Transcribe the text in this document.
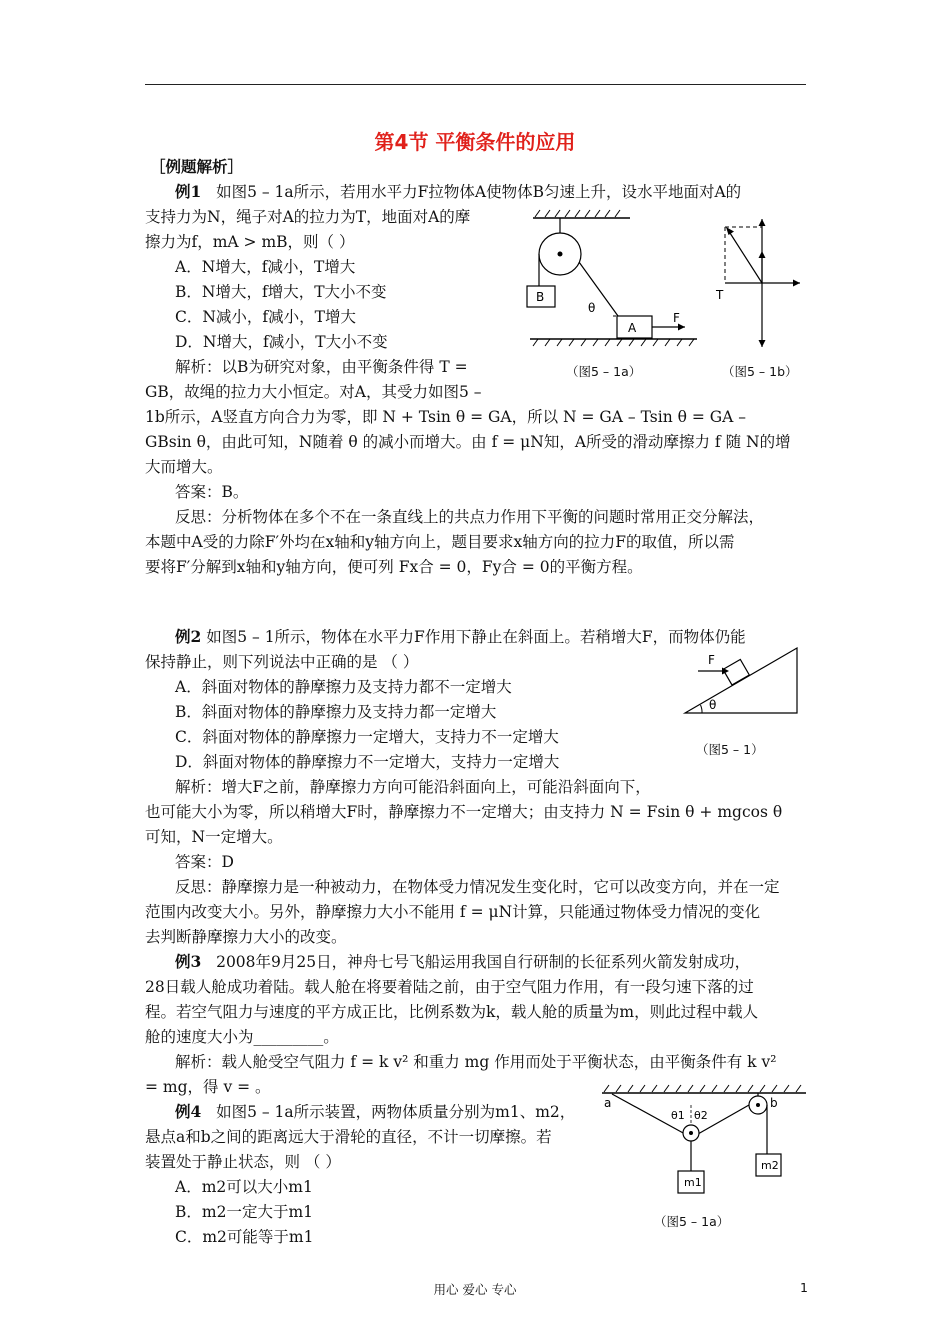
第4节 平衡条件的应用
［例题解析］
例1 如图5 – 1a所示，若用水平力F拉物体A使物体B匀速上升，设水平地面对A的
支持力为N，绳子对A的拉力为T，地面对A的摩
擦力为f，mA > mB，则（ ）
A．N增大，f减小，T增大
B．N增大，f增大，T大小不变
C．N减小，f减小，T增大
D．N增大，f减小，T大小不变
解析：以B为研究对象，由平衡条件得 T =
GB，故绳的拉力大小恒定。对A，其受力如图5 –
1b所示，A竖直方向合力为零，即 N + Tsin θ = GA，所以 N = GA – Tsin θ = GA –
GBsin θ，由此可知，N随着 θ 的减小而增大。由 f = μN知，A所受的滑动摩擦力 f 随 N的增
大而增大。
答案：B。
反思：分析物体在多个不在一条直线上的共点力作用下平衡的问题时常用正交分解法，
本题中A受的力除F′外均在x轴和y轴方向上，题目要求x轴方向的拉力F的取值，所以需
要将F′分解到x轴和y轴方向，便可列 Fx合 = 0，Fy合 = 0的平衡方程。
B
θ
A
F
（图5 – 1a）
T
（图5 – 1b）
例2 如图5 – 1所示，物体在水平力F作用下静止在斜面上。若稍增大F，而物体仍能
保持静止，则下列说法中正确的是 （ ）
A．斜面对物体的静摩擦力及支持力都不一定增大
B．斜面对物体的静摩擦力及支持力都一定增大
C．斜面对物体的静摩擦力一定增大，支持力不一定增大
D．斜面对物体的静摩擦力不一定增大，支持力一定增大
解析：增大F之前，静摩擦力方向可能沿斜面向上，可能沿斜面向下，
也可能大小为零，所以稍增大F时，静摩擦力不一定增大；由支持力 N = Fsin θ + mgcos θ
可知，N一定增大。
答案：D
反思：静摩擦力是一种被动力，在物体受力情况发生变化时，它可以改变方向，并在一定
范围内改变大小。另外，静摩擦力大小不能用 f = μN计算，只能通过物体受力情况的变化
去判断静摩擦力大小的改变。
F
θ
（图5 – 1）
例3 2008年9月25日，神舟七号飞船运用我国自行研制的长征系列火箭发射成功，
28日载人舱成功着陆。载人舱在将要着陆之前，由于空气阻力作用，有一段匀速下落的过
程。若空气阻力与速度的平方成正比，比例系数为k，载人舱的质量为m，则此过程中载人
舱的速度大小为_________。
解析：载人舱受空气阻力 f = k v² 和重力 mg 作用而处于平衡状态，由平衡条件有 k v²
= mg，得 v = 。
例4 如图5 – 1a所示装置，两物体质量分别为m1、m2，
悬点a和b之间的距离远大于滑轮的直径，不计一切摩擦。若
装置处于静止状态，则 （ ）
A．m2可以大小m1
B．m2一定大于m1
C．m2可能等于m1
a	b
θ1 θ2
m1
m2
（图5 – 1a）
用心 爱心 专心	1
